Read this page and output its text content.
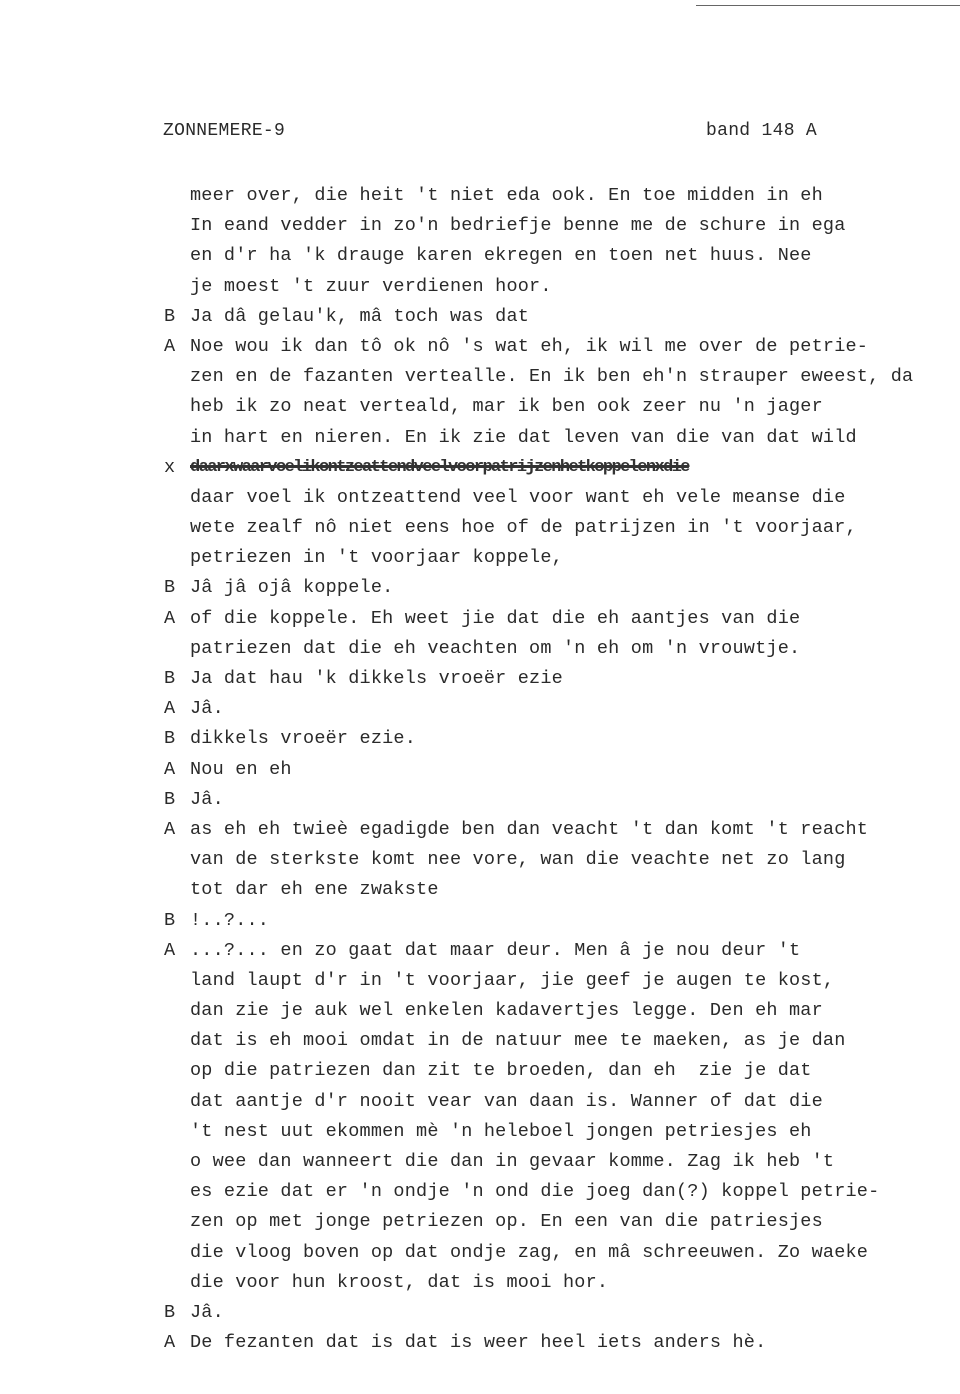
ZONNEMERE-9	band 148 A
meer over, die heit 't niet eda ook. En toe midden in eh
In eand vedder in zo'n bedriefje benne me de schure in ega
en d'r ha 'k drauge karen ekregen en toen net huus. Nee
je moest 't zuur verdienen hoor.
B Ja dâ gelau'k, mâ toch was dat
A Noe wou ik dan tô ok nô 's wat eh, ik wil me over de petrie-
zen en de fazanten vertealle. En ik ben eh'n strauper eweest, da
heb ik zo neat verteald, mar ik ben ook zeer nu 'n jager
in hart en nieren. En ik zie dat leven van die van dat wild
x daarxwaarvoelikontzeattendveelvoorpatrijzenhetkoppelenxdie
daar voel ik ontzeattend veel voor want eh vele meanse die
wete zealf nô niet eens hoe of de patrijzen in 't voorjaar,
petriezen in 't voorjaar koppele,
B Jâ jâ ojâ koppele.
A of die koppele. Eh weet jie dat die eh aantjes van die
patriezen dat die eh veachten om 'n eh om 'n vrouwtje.
B Ja dat hau 'k dikkels vroeër ezie
A Jâ.
B dikkels vroeër ezie.
A Nou en eh
B Jâ.
A as eh eh twieè egadigde ben dan veacht 't dan komt 't reacht
van de sterkste komt nee vore, wan die veachte net zo lang
tot dar eh ene zwakste
B !..?...
A ...?... en zo gaat dat maar deur. Men â je nou deur 't
land laupt d'r in 't voorjaar, jie geef je augen te kost,
dan zie je auk wel enkelen kadavertjes legge. Den eh mar
dat is eh mooi omdat in de natuur mee te maeken, as je dan
op die patriezen dan zit te broeden, dan eh  zie je dat
dat aantje d'r nooit vear van daan is. Wanner of dat die
't nest uut ekommen mè 'n heleboel jongen petriesjes eh
o wee dan wanneert die dan in gevaar komme. Zag ik heb 't
es ezie dat er 'n ondje 'n ond die joeg dan(?) koppel petrie-
zen op met jonge petriezen op. En een van die patriesjes
die vloog boven op dat ondje zag, en mâ schreeuwen. Zo waeke
die voor hun kroost, dat is mooi hor.
B Jâ.
A De fezanten dat is dat is weer heel iets anders hè.
